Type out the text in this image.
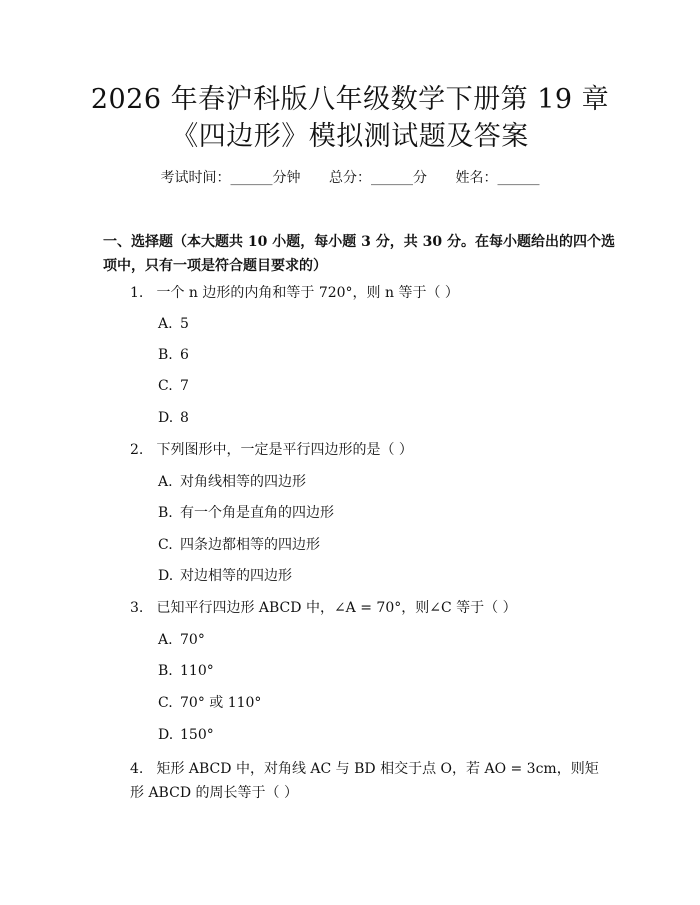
2026 年春沪科版八年级数学下册第 19 章
《四边形》模拟测试题及答案
考试时间：______分钟 总分：______分 姓名：______
一、选择题（本大题共 10 小题，每小题 3 分，共 30 分。在每小题给出的四个选项中，只有一项是符合题目要求的）
1. 一个 n 边形的内角和等于 720°，则 n 等于（ ）
A. 5
B. 6
C. 7
D. 8
2. 下列图形中，一定是平行四边形的是（ ）
A. 对角线相等的四边形
B. 有一个角是直角的四边形
C. 四条边都相等的四边形
D. 对边相等的四边形
3. 已知平行四边形 ABCD 中，∠A = 70°，则∠C 等于（ ）
A. 70°
B. 110°
C. 70° 或 110°
D. 150°
4. 矩形 ABCD 中，对角线 AC 与 BD 相交于点 O，若 AO = 3cm，则矩形 ABCD 的周长等于（ ）
